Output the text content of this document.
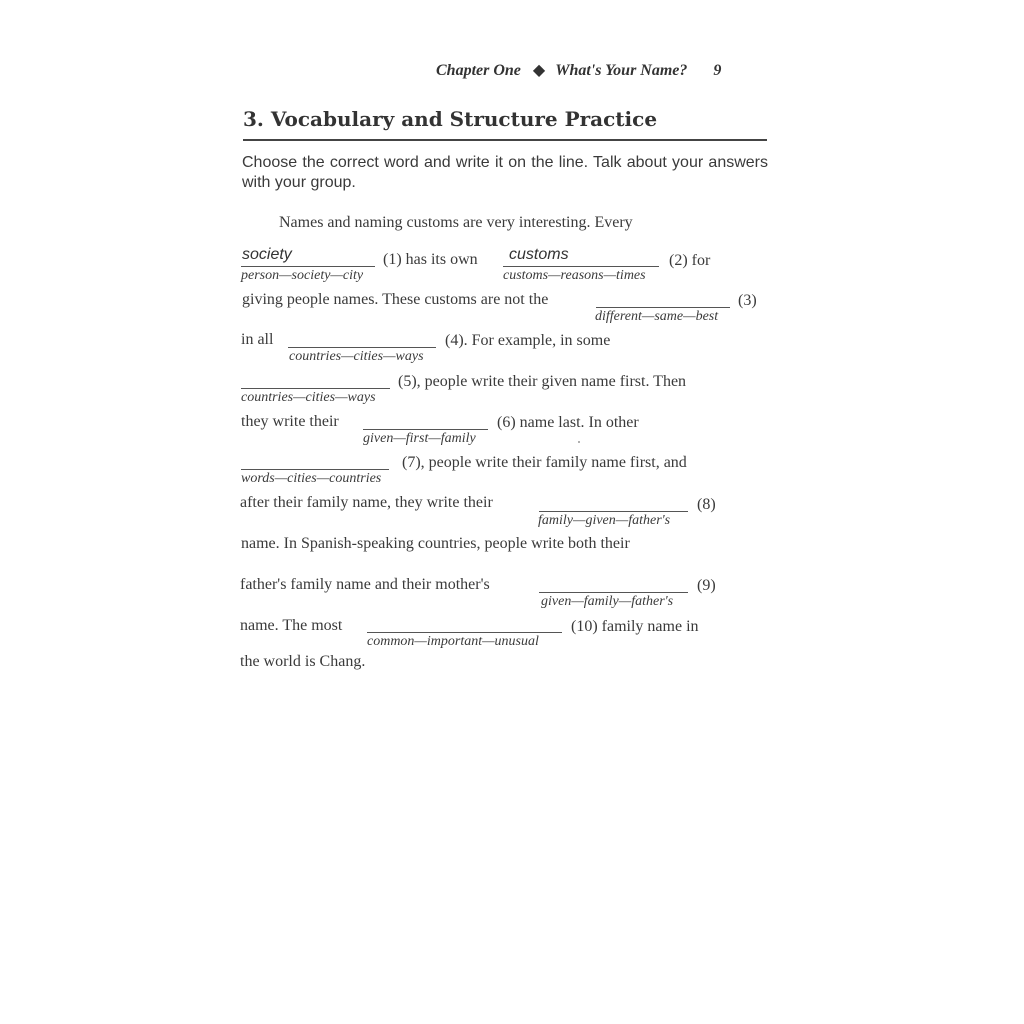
Chapter One ◆ What's Your Name? 9
3. Vocabulary and Structure Practice
Choose the correct word and write it on the line. Talk about your answers with your group.
Names and naming customs are very interesting. Every
society
person—society—city
(1) has its own customs
customs—reasons—times
(2) for
giving people names. These customs are not the
different—same—best
(3)
in all
countries—cities—ways
(4). For example, in some
countries—cities—ways
(5), people write their given name first. Then
they write their
given—first—family
(6) name last. In other
words—cities—countries
(7), people write their family name first, and
after their family name, they write their
family—given—father's
(8)
name. In Spanish-speaking countries, people write both their
father's family name and their mother's
given—family—father's
(9)
name. The most
common—important—unusual
(10) family name in
the world is Chang.
